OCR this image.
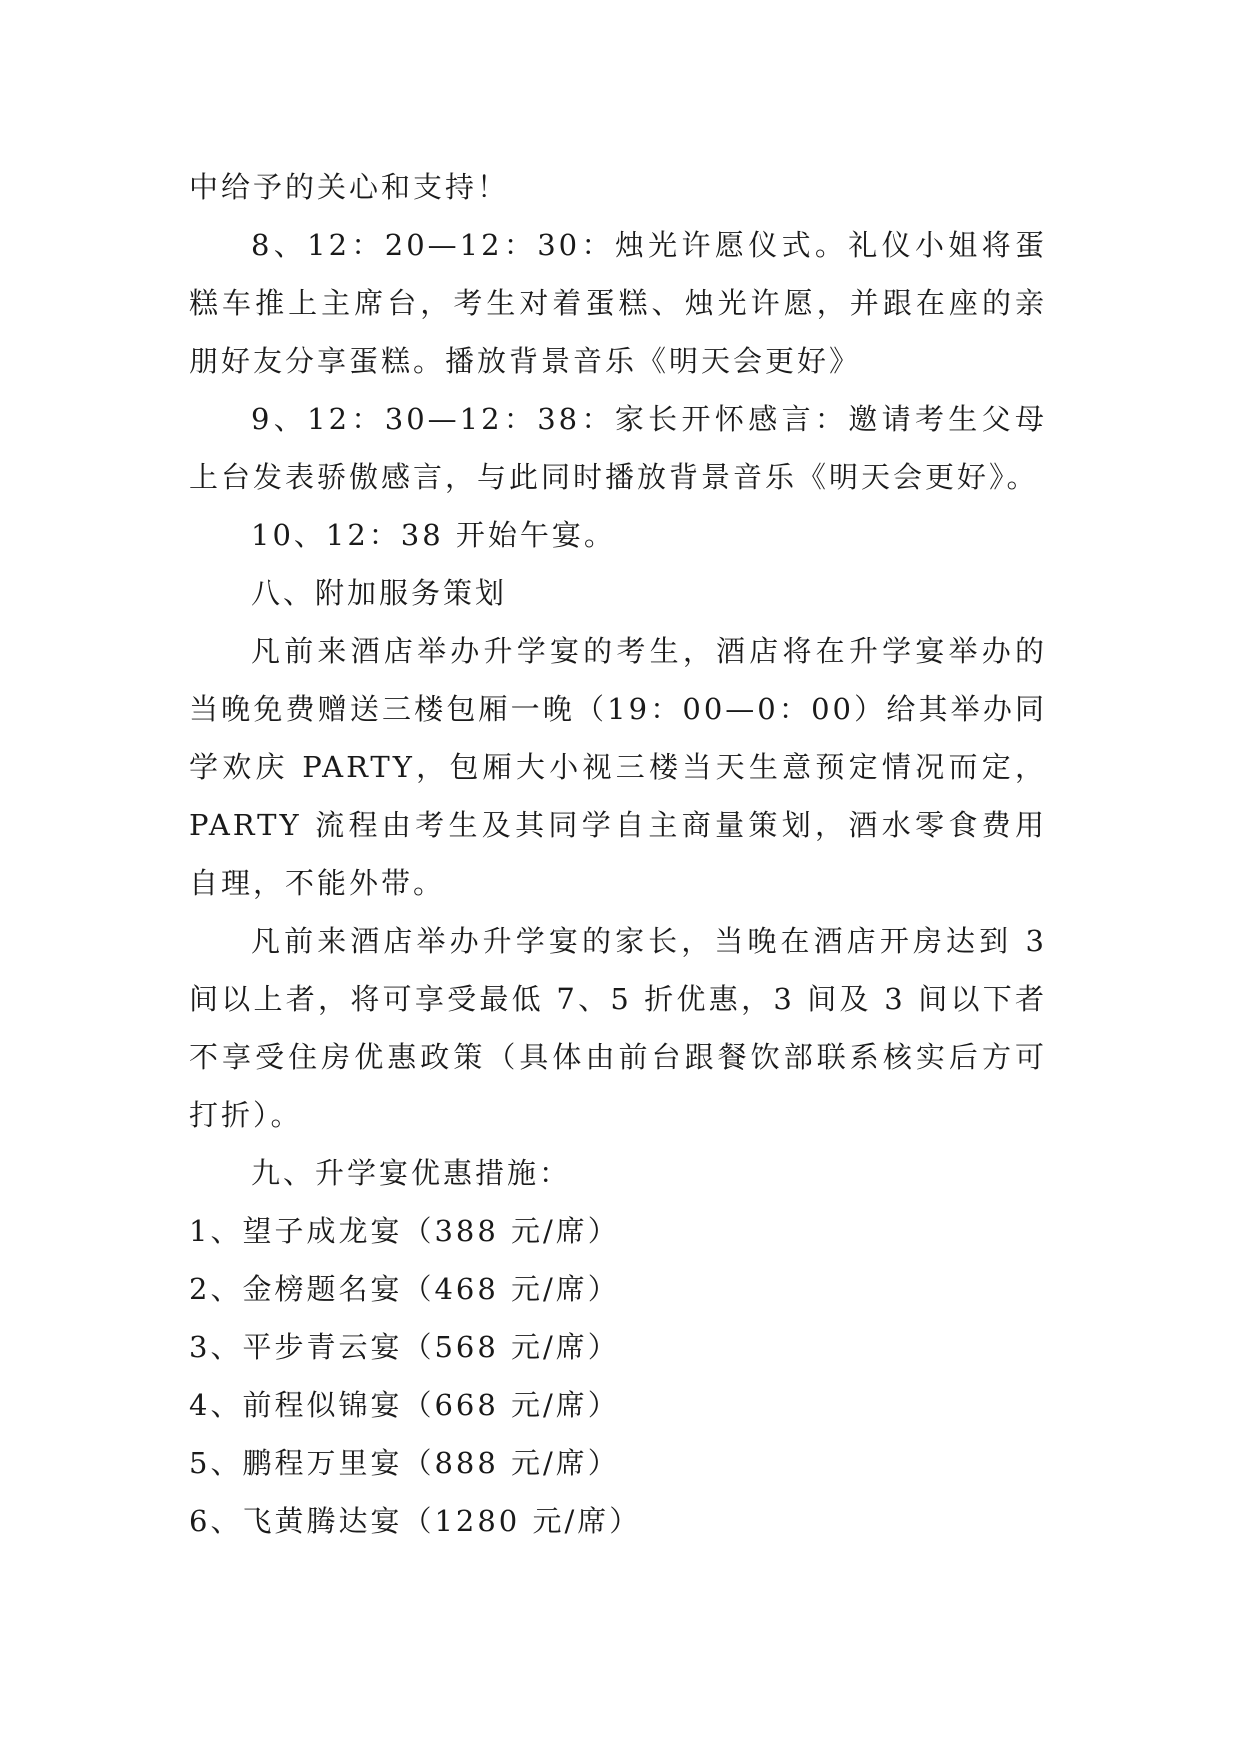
中给予的关心和支持！

8、12：20—12：30：烛光许愿仪式。礼仪小姐将蛋糕车推上主席台，考生对着蛋糕、烛光许愿，并跟在座的亲朋好友分享蛋糕。播放背景音乐《明天会更好》

9、12：30—12：38：家长开怀感言：邀请考生父母上台发表骄傲感言，与此同时播放背景音乐《明天会更好》。

10、12：38 开始午宴。

八、附加服务策划

凡前来酒店举办升学宴的考生，酒店将在升学宴举办的当晚免费赠送三楼包厢一晚（19：00—0：00）给其举办同学欢庆 PARTY，包厢大小视三楼当天生意预定情况而定，PARTY 流程由考生及其同学自主商量策划，酒水零食费用自理，不能外带。

凡前来酒店举办升学宴的家长，当晚在酒店开房达到 3 间以上者，将可享受最低 7、5 折优惠，3 间及 3 间以下者不享受住房优惠政策（具体由前台跟餐饮部联系核实后方可打折）。

九、升学宴优惠措施：

1、望子成龙宴（388 元/席）

2、金榜题名宴（468 元/席）

3、平步青云宴（568 元/席）

4、前程似锦宴（668 元/席）

5、鹏程万里宴（888 元/席）

6、飞黄腾达宴（1280 元/席）
